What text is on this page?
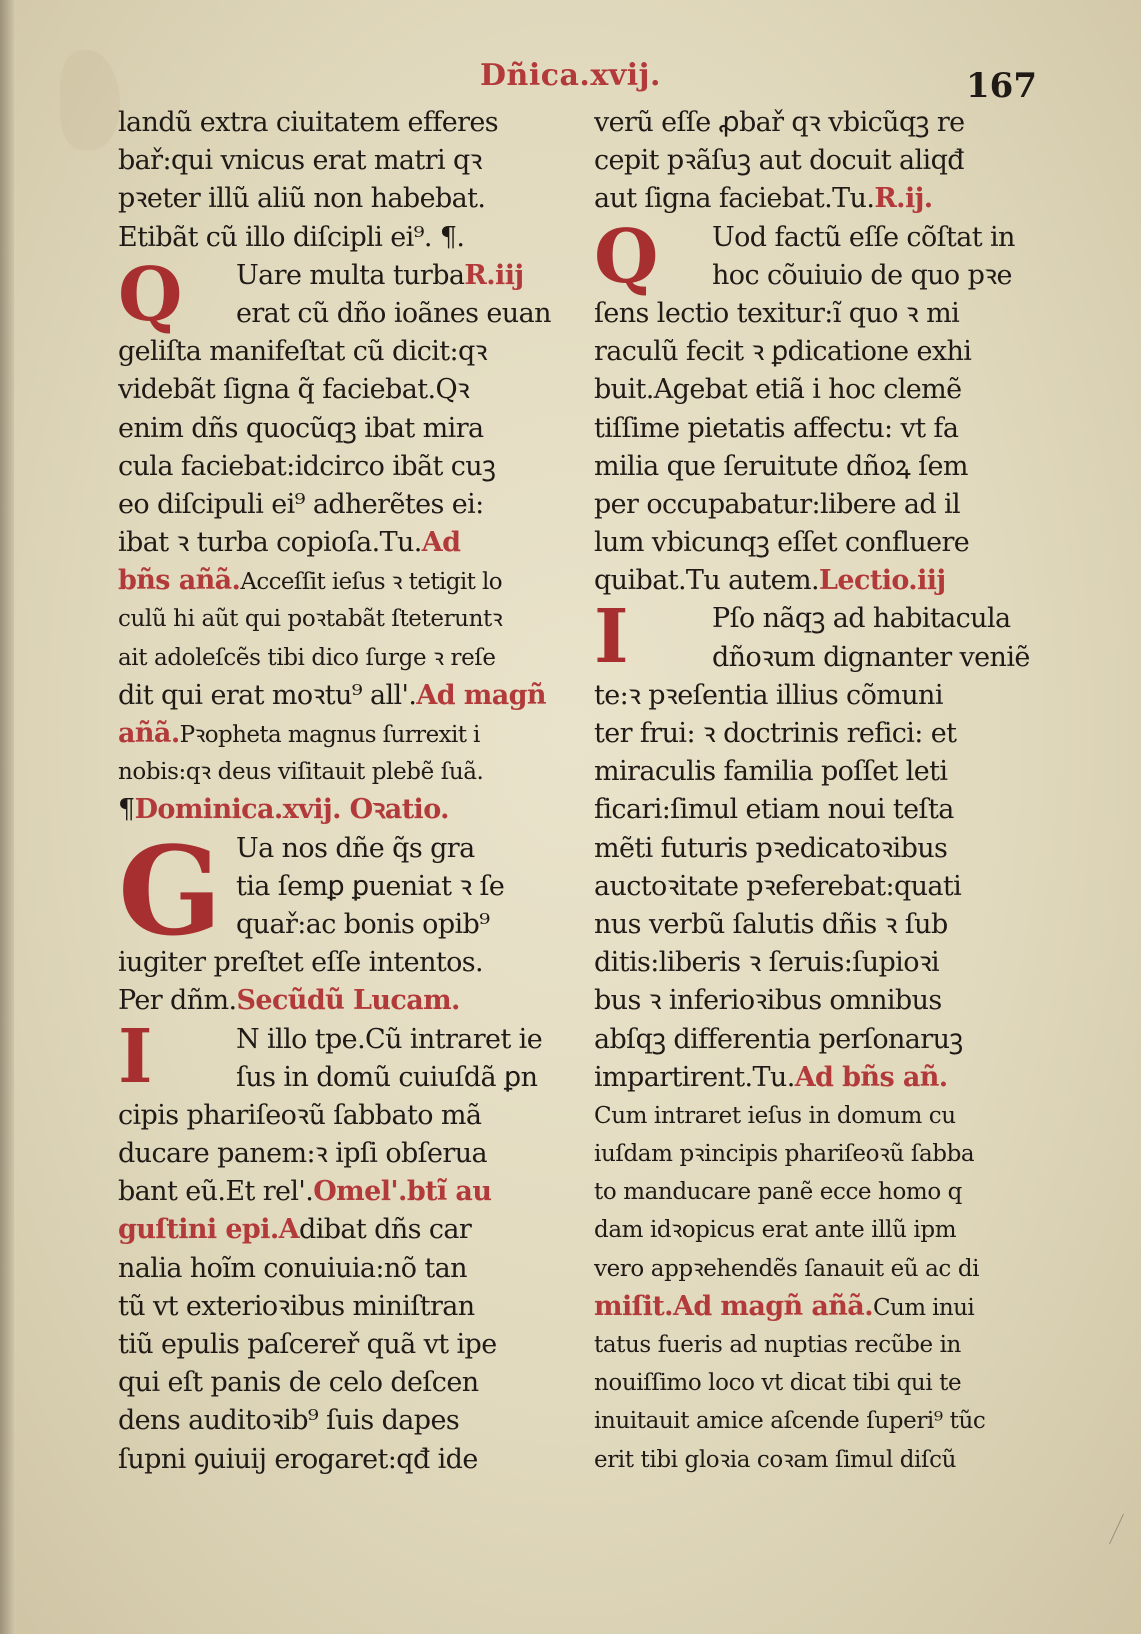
Dñica.xvij.	167
Q	Q
G
I
I
landũ extra ciuitatem efferes
bař:qui vnicus erat matri qꝛ
pꝛeter illũ aliũ non habebat.
Etibãt cũ illo diſcipli ei⁹. ¶.
Uare multa turbaR.iij
erat cũ dño ioãnes euan
geliſta manifeſtat cũ dicit:qꝛ
videbãt ſigna q̃ faciebat.Qꝛ
enim dñs quocũqꝫ ibat mira
cula faciebat:idcirco ibãt cuꝫ
eo diſcipuli ei⁹ adherẽtes ei:
ibat ꝛ turba copioſa.Tu.Ad
bñs añã.Acceſſit ieſus ꝛ tetigit lo
culũ hi aũt qui poꝛtabãt ſteteruntꝛ
ait adoleſcẽs tibi dico ſurge ꝛ reſe
dit qui erat moꝛtu⁹ all'.Ad magñ
añã.Pꝛopheta magnus ſurrexit i
nobis:qꝛ deus viſitauit plebẽ ſuã.
¶Dominica.xvij. Oꝛatio.
Ua nos dñe q̃s gra
tia ſemꝑ ꝑueniat ꝛ ſe
quař:ac bonis opib⁹
iugiter preſtet eſſe intentos.
Per dñm.Secũdũ Lucam.
N illo tpe.Cũ intraret ie
ſus in domũ cuiuſdã ꝑn
cipis phariſeoꝛũ ſabbato mã
ducare panem:ꝛ ipſi obſerua
bant eũ.Et rel'.Omel'.btĩ au
guſtini epi.Adibat dñs car
nalia hoĩm conuiuia:nõ tan
tũ vt exterioꝛibus miniſtran
tiũ epulis paſcereř quã vt ipe
qui eſt panis de celo deſcen
dens auditoꝛib⁹ ſuis dapes
ſupni ꝯuiuij erogaret:qđ ide
verũ eſſe ꝓbař qꝛ vbicũqꝫ re
cepit pꝛãſuꝫ aut docuit aliqđ
aut ſigna faciebat.Tu.R.ij.
Uod factũ eſſe cõſtat in
hoc cõuiuio de quo pꝛe
ſens lectio texitur:ĩ quo ꝛ mi
raculũ fecit ꝛ ꝑdicatione exhi
buit.Agebat etiã i hoc clemẽ
tiſſime pietatis affectu: vt fa
milia que ſeruitute dñoꝝ ſem
per occupabatur:libere ad il
lum vbicunqꝫ eſſet confluere
quibat.Tu autem.Lectio.iij
Pſo nãqꝫ ad habitacula
dñoꝛum dignanter veniẽ
te:ꝛ pꝛeſentia illius cõmuni
ter frui: ꝛ doctrinis refici: et
miraculis familia poſſet leti
ficari:ſimul etiam noui teſta
mẽti futuris pꝛedicatoꝛibus
auctoꝛitate pꝛeferebat:quati
nus verbũ ſalutis dñis ꝛ ſub
ditis:liberis ꝛ ſeruis:ſupioꝛi
bus ꝛ inferioꝛibus omnibus
abſqꝫ differentia perſonaruꝫ
impartirent.Tu.Ad bñs añ.
Cum intraret ieſus in domum cu
iuſdam pꝛincipis phariſeoꝛũ ſabba
to manducare panẽ ecce homo q
dam idꝛopicus erat ante illũ ipm
vero appꝛehendẽs ſanauit eũ ac di
miſit.Ad magñ añã.Cum inui
tatus fueris ad nuptias recũbe in
nouiſſimo loco vt dicat tibi qui te
inuitauit amice aſcende ſuperi⁹ tũc
erit tibi gloꝛia coꝛam ſimul diſcũ
